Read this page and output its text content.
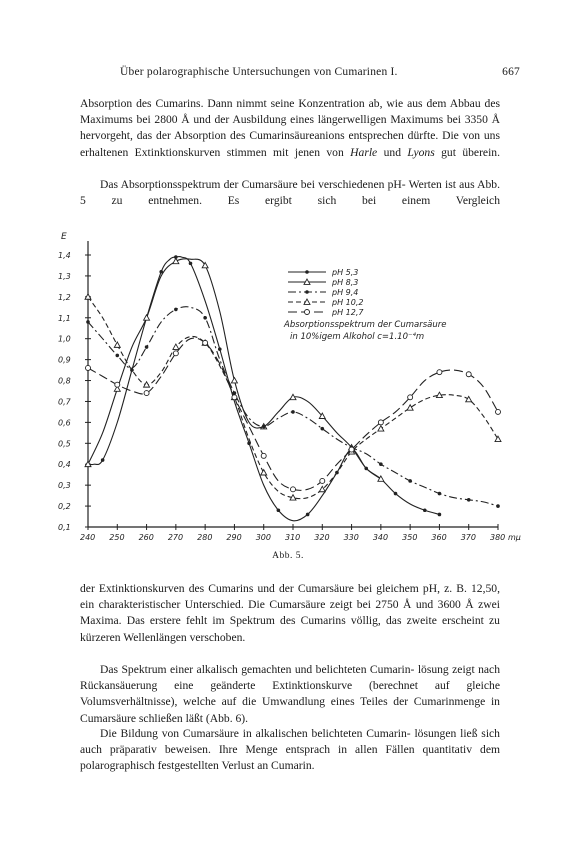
Über polarographische Untersuchungen von Cumarinen I.	667

Absorption des Cumarins. Dann nimmt seine Konzentration ab, wie aus dem Abbau des Maximums bei 2800 Å und der Ausbildung eines längerwelligen Maximums bei 3350 Å hervorgeht, das der Absorption des Cumarinsäureanions entsprechen dürfte. Die von uns erhaltenen Extinktionskurven stimmen mit jenen von Harle und Lyons gut überein.

Das Absorptionsspektrum der Cumarsäure bei verschiedenen pH- Werten ist aus Abb. 5 zu entnehmen. Es ergibt sich bei einem Vergleich

E
1,4
1,3
1,2
1,1
1,0
0,9
0,8
0,7
0,6
0,5
0,4
0,3
0,2
0,1
240 250 260 270 280 290 300 310 320 330 340 350 360 370 380 mμ
pH 5,3
pH 8,3
pH 9,4
pH 10,2
pH 12,7
Absorptionsspektrum der Cumarsäure
in 10%igem Alkohol c=1.10⁻⁴m
Abb. 5.

der Extinktionskurven des Cumarins und der Cumarsäure bei gleichem pH, z. B. 12,50, ein charakteristischer Unterschied. Die Cumarsäure zeigt bei 2750 Å und 3600 Å zwei Maxima. Das erstere fehlt im Spektrum des Cumarins völlig, das zweite erscheint zu kürzeren Wellenlängen verschoben.

Das Spektrum einer alkalisch gemachten und belichteten Cumarin- lösung zeigt nach Rückansäuerung eine geänderte Extinktionskurve (berechnet auf gleiche Volumsverhältnisse), welche auf die Umwandlung eines Teiles der Cumarinmenge in Cumarsäure schließen läßt (Abb. 6).

Die Bildung von Cumarsäure in alkalischen belichteten Cumarin- lösungen ließ sich auch präparativ beweisen. Ihre Menge entsprach in allen Fällen quantitativ dem polarographisch festgestellten Verlust an Cumarin.
